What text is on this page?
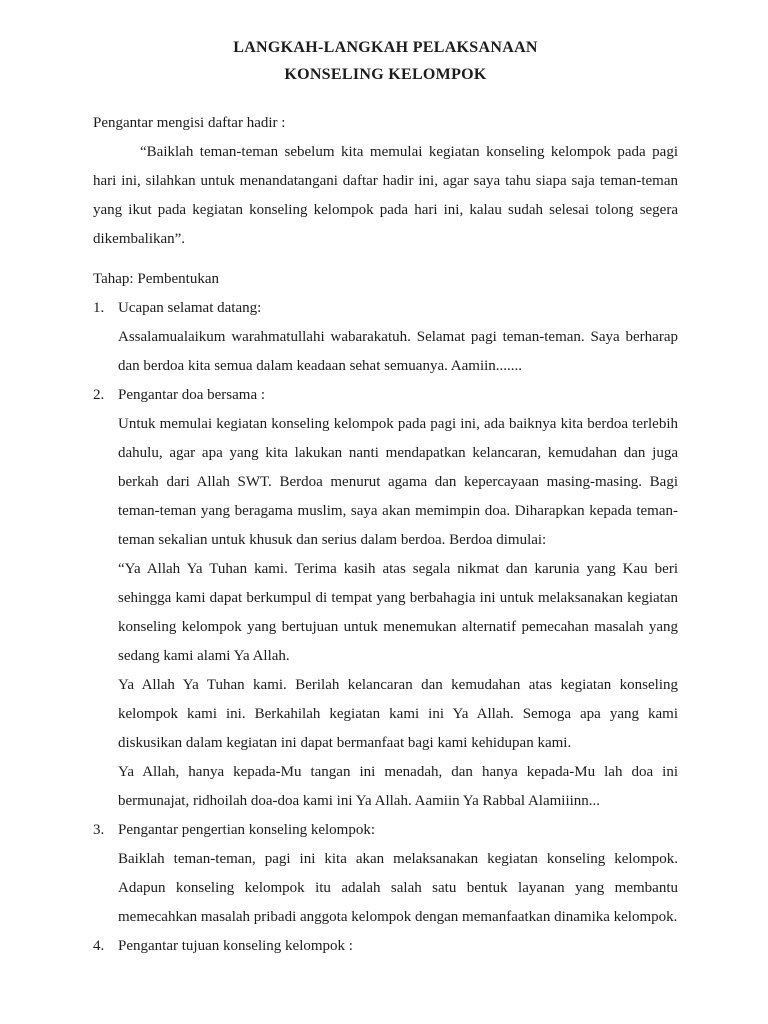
LANGKAH-LANGKAH PELAKSANAAN
KONSELING KELOMPOK
Pengantar mengisi daftar hadir :

“Baiklah teman-teman sebelum kita memulai kegiatan konseling kelompok pada pagi hari ini, silahkan untuk menandatangani daftar hadir ini, agar saya tahu siapa saja teman-teman yang ikut pada kegiatan konseling kelompok pada hari ini, kalau sudah selesai tolong segera dikembalikan”.

Tahap: Pembentukan
1. Ucapan selamat datang:

Assalamualaikum warahmatullahi wabarakatuh. Selamat pagi teman-teman. Saya berharap dan berdoa kita semua dalam keadaan sehat semuanya. Aamiin.......

2. Pengantar doa bersama :

Untuk memulai kegiatan konseling kelompok pada pagi ini, ada baiknya kita berdoa terlebih dahulu, agar apa yang kita lakukan nanti mendapatkan kelancaran, kemudahan dan juga berkah dari Allah SWT. Berdoa menurut agama dan kepercayaan masing-masing. Bagi teman-teman yang beragama muslim, saya akan memimpin doa. Diharapkan kepada teman-teman sekalian untuk khusuk dan serius dalam berdoa. Berdoa dimulai:

“Ya Allah Ya Tuhan kami. Terima kasih atas segala nikmat dan karunia yang Kau beri sehingga kami dapat berkumpul di tempat yang berbahagia ini untuk melaksanakan kegiatan konseling kelompok yang bertujuan untuk menemukan alternatif pemecahan masalah yang sedang kami alami Ya Allah.

Ya Allah Ya Tuhan kami. Berilah kelancaran dan kemudahan atas kegiatan konseling kelompok kami ini. Berkahilah kegiatan kami ini Ya Allah. Semoga apa yang kami diskusikan dalam kegiatan ini dapat bermanfaat bagi kami kehidupan kami.

Ya Allah, hanya kepada-Mu tangan ini menadah, dan hanya kepada-Mu lah doa ini bermunajat, ridhoilah doa-doa kami ini Ya Allah. Aamiin Ya Rabbal Alamiiinn...

3. Pengantar pengertian konseling kelompok:

Baiklah teman-teman, pagi ini kita akan melaksanakan kegiatan konseling kelompok. Adapun konseling kelompok itu adalah salah satu bentuk layanan yang membantu memecahkan masalah pribadi anggota kelompok dengan memanfaatkan dinamika kelompok.

4. Pengantar tujuan konseling kelompok :
